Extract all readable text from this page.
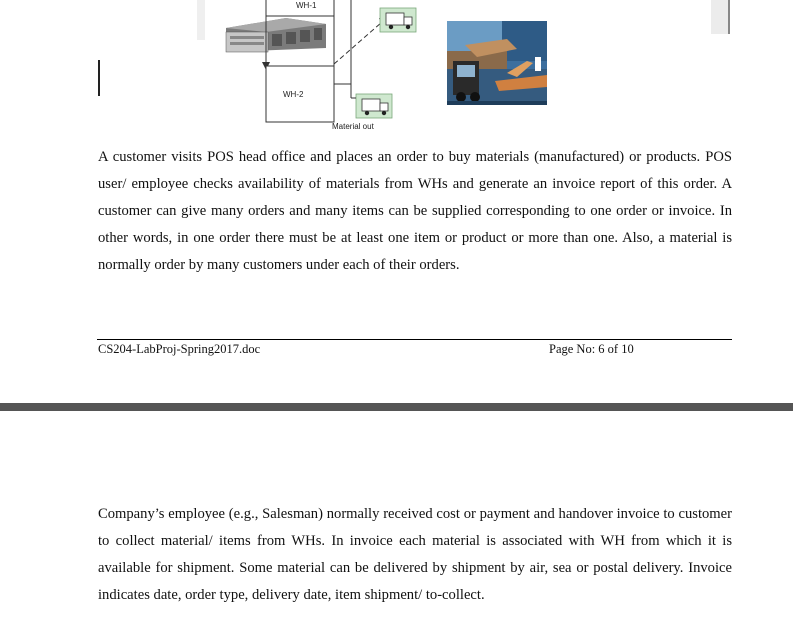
WH-1
WH-2
Material out

A customer visits POS head office and places an order to buy materials (manufactured) or products. POS user/ employee checks availability of materials from WHs and generate an invoice report of this order. A customer can give many orders and many items can be supplied corresponding to one order or invoice. In other words, in one order there must be at least one item or product or more than one. Also, a material is normally order by many customers under each of their orders.

CS204-LabProj-Spring2017.doc	Page No: 6 of 10

Company’s employee (e.g., Salesman) normally received cost or payment and handover invoice to customer to collect material/ items from WHs. In invoice each material is associated with WH from which it is available for shipment. Some material can be delivered by shipment by air, sea or postal delivery. Invoice indicates date, order type, delivery date, item shipment/ to-collect.
